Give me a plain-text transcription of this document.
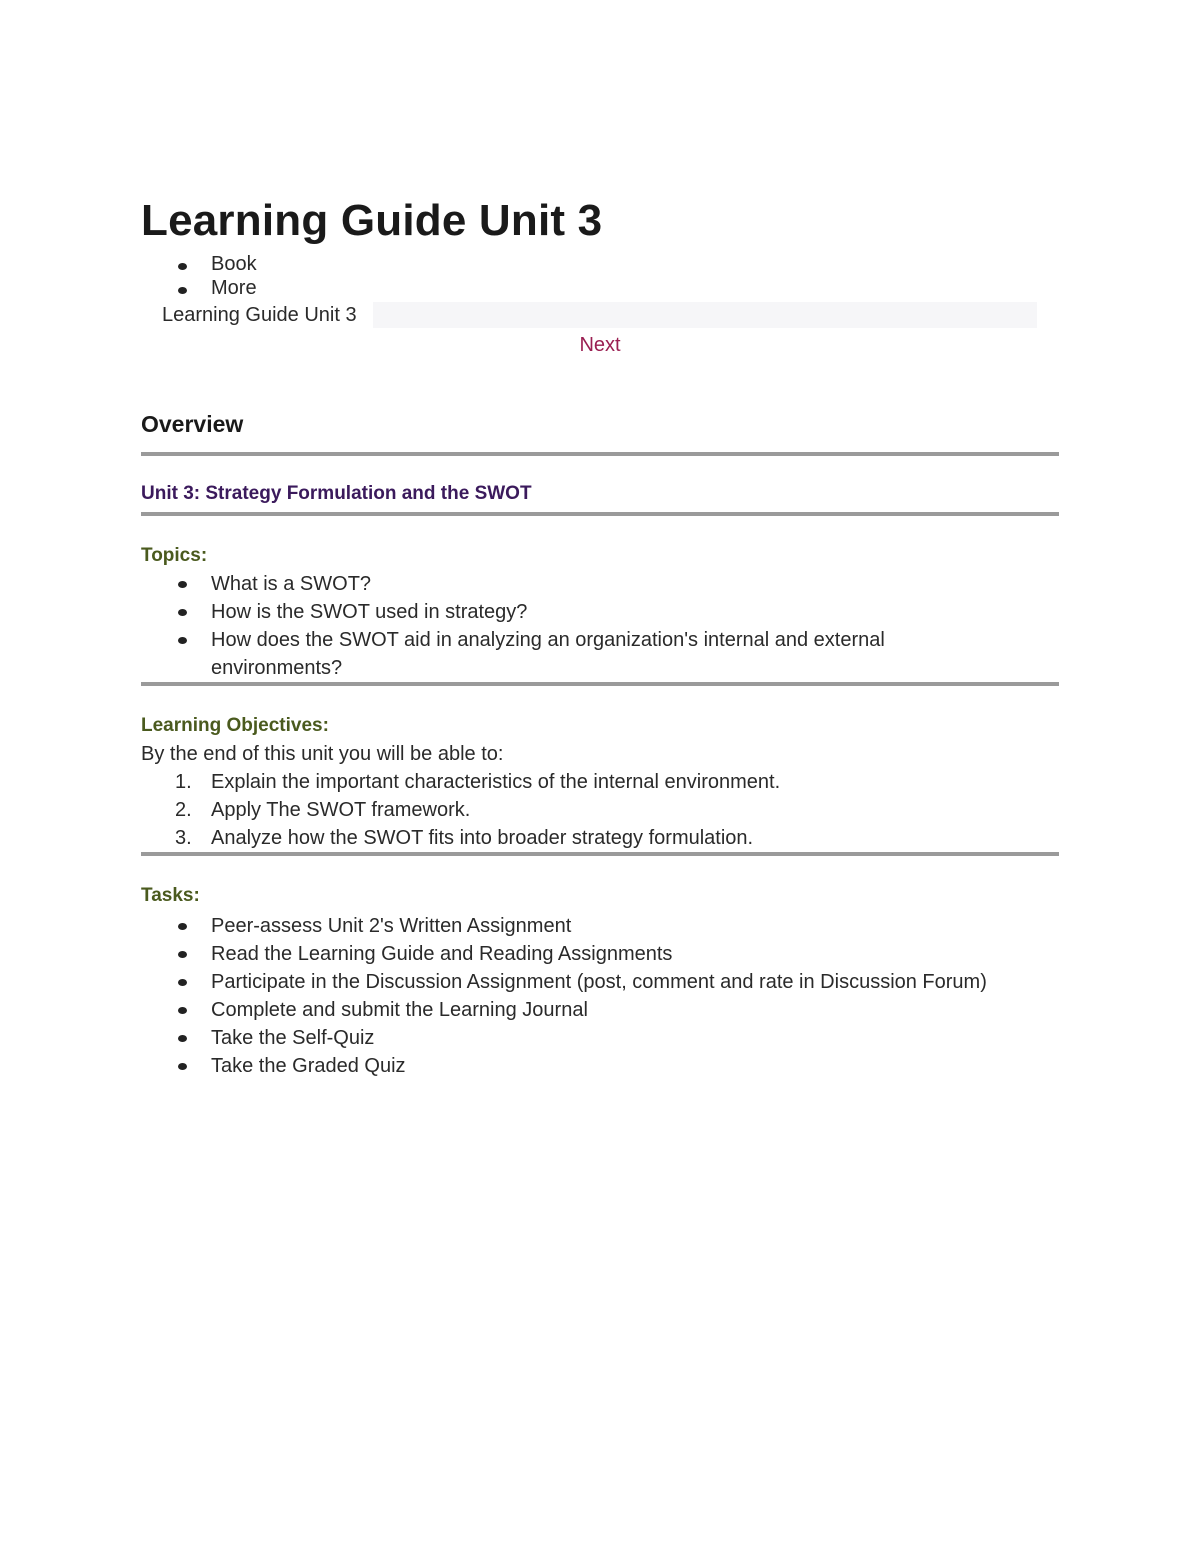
Learning Guide Unit 3
Book
More
Learning Guide Unit 3
Next
Overview
Unit 3: Strategy Formulation and the SWOT
Topics:
What is a SWOT?
How is the SWOT used in strategy?
How does the SWOT aid in analyzing an organization's internal and external environments?
Learning Objectives:
By the end of this unit you will be able to:
1. Explain the important characteristics of the internal environment.
2. Apply The SWOT framework.
3. Analyze how the SWOT fits into broader strategy formulation.
Tasks:
Peer-assess Unit 2's Written Assignment
Read the Learning Guide and Reading Assignments
Participate in the Discussion Assignment (post, comment and rate in Discussion Forum)
Complete and submit the Learning Journal
Take the Self-Quiz
Take the Graded Quiz
